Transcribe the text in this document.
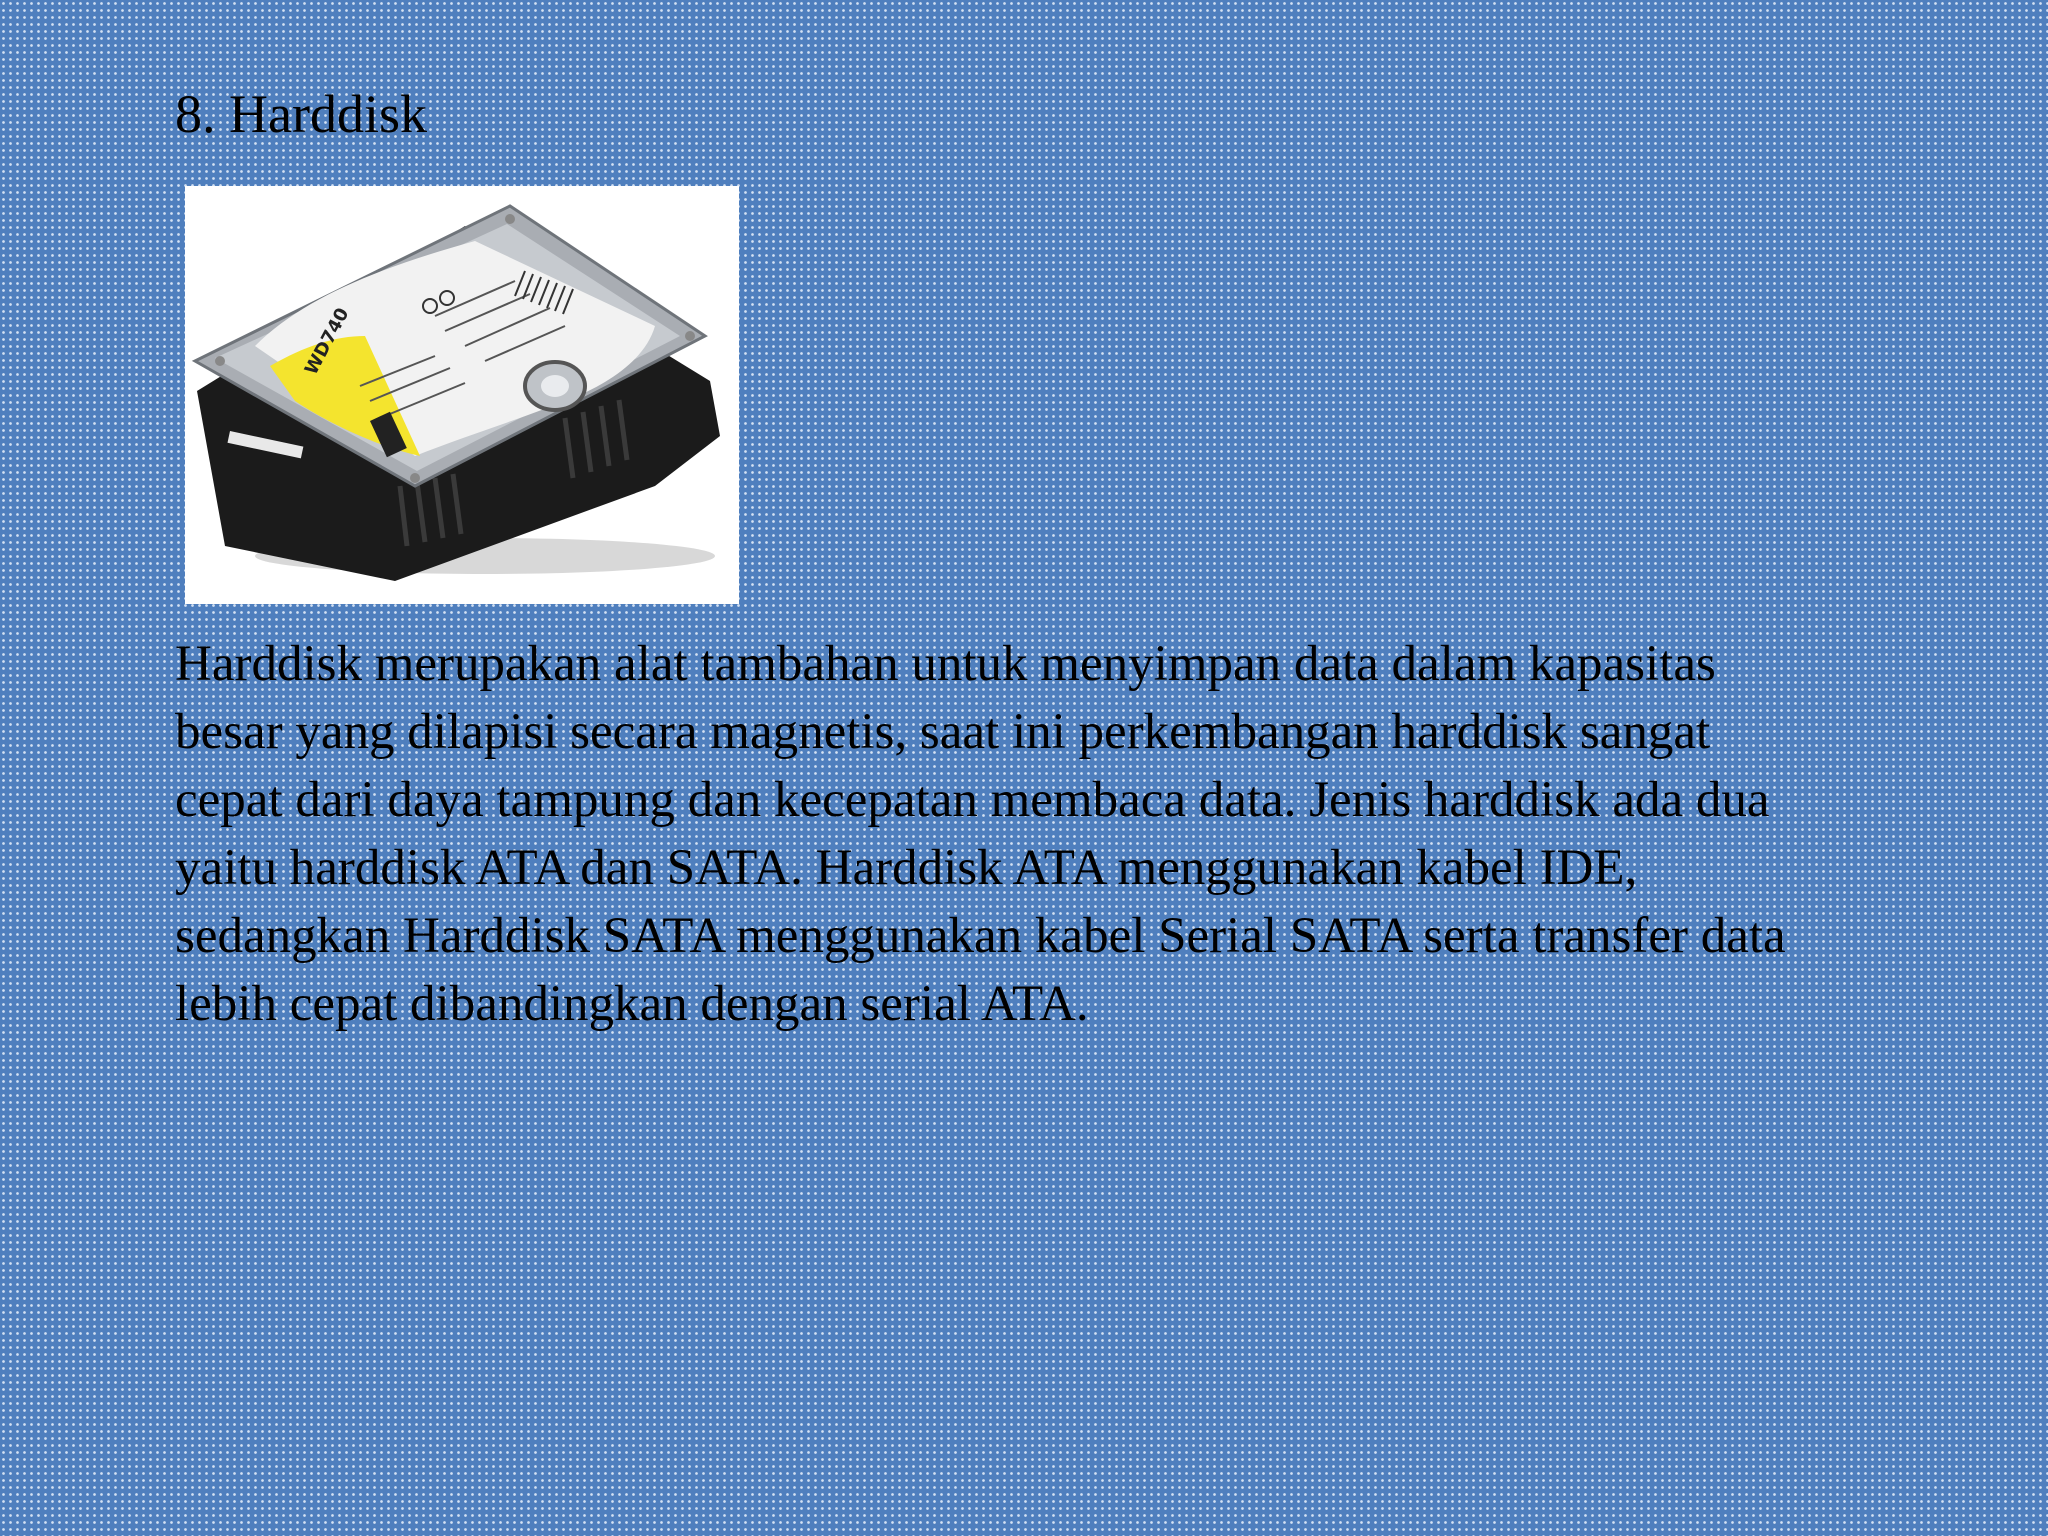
8. Harddisk
WD740

Harddisk merupakan alat tambahan untuk menyimpan data dalam kapasitas
besar yang dilapisi secara magnetis, saat ini perkembangan harddisk sangat
cepat dari daya tampung dan kecepatan membaca data. Jenis harddisk ada dua
yaitu harddisk ATA dan SATA. Harddisk ATA menggunakan kabel IDE,
sedangkan Harddisk SATA menggunakan kabel Serial SATA serta transfer data
lebih cepat dibandingkan dengan serial ATA.
